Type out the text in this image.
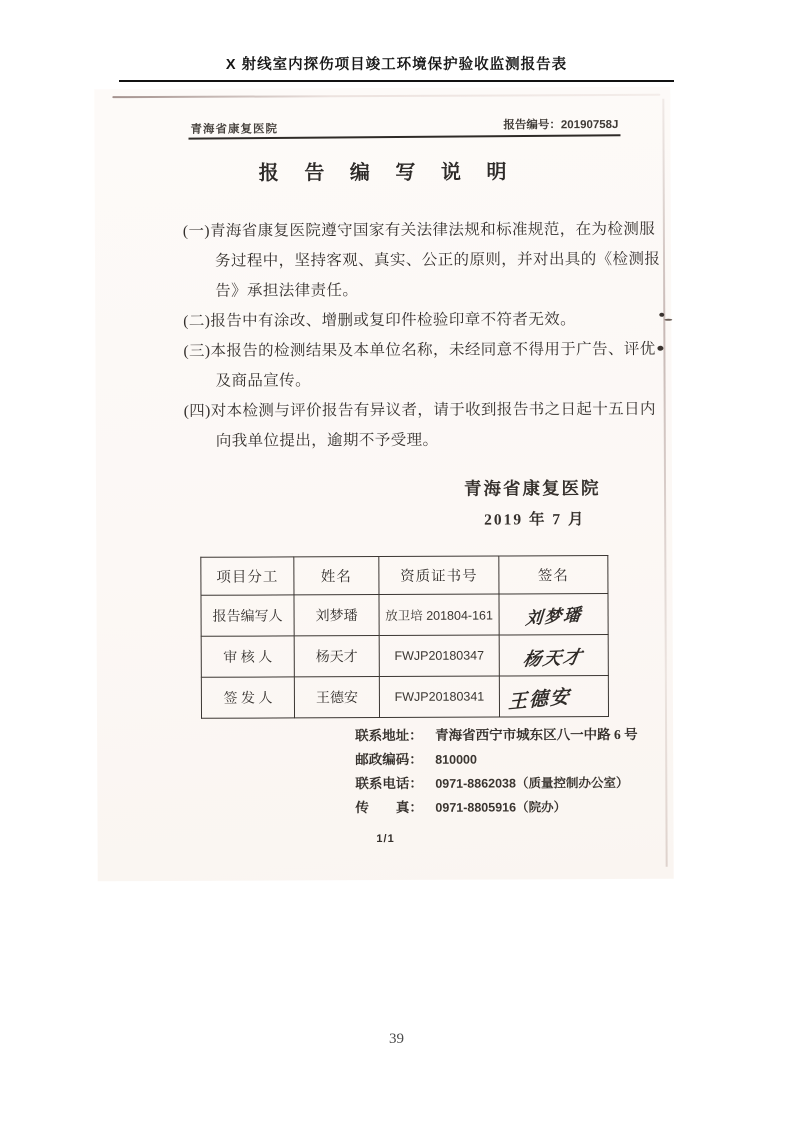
X 射线室内探伤项目竣工环境保护验收监测报告表
青海省康复医院	报告编号：20190758J
报 告 编 写 说 明
(一)青海省康复医院遵守国家有关法律法规和标准规范，在为检测服
务过程中，坚持客观、真实、公正的原则，并对出具的《检测报
告》承担法律责任。
(二)报告中有涂改、增删或复印件检验印章不符者无效。
(三)本报告的检测结果及本单位名称，未经同意不得用于广告、评优
及商品宣传。
(四)对本检测与评价报告有异议者，请于收到报告书之日起十五日内
向我单位提出，逾期不予受理。
青海省康复医院
2019 年 7 月
项目分工	姓名	资质证书号	签名
报告编写人	刘梦璠	放卫培 201804-161	刘梦璠
审 核 人	杨天才	FWJP20180347	杨天才
签 发 人	王德安	FWJP20180341	王德安
联系地址： 青海省西宁市城东区八一中路 6 号
邮政编码： 810000
联系电话： 0971-8862038（质量控制办公室）
传　　真： 0971-8805916（院办）
1/1
39
